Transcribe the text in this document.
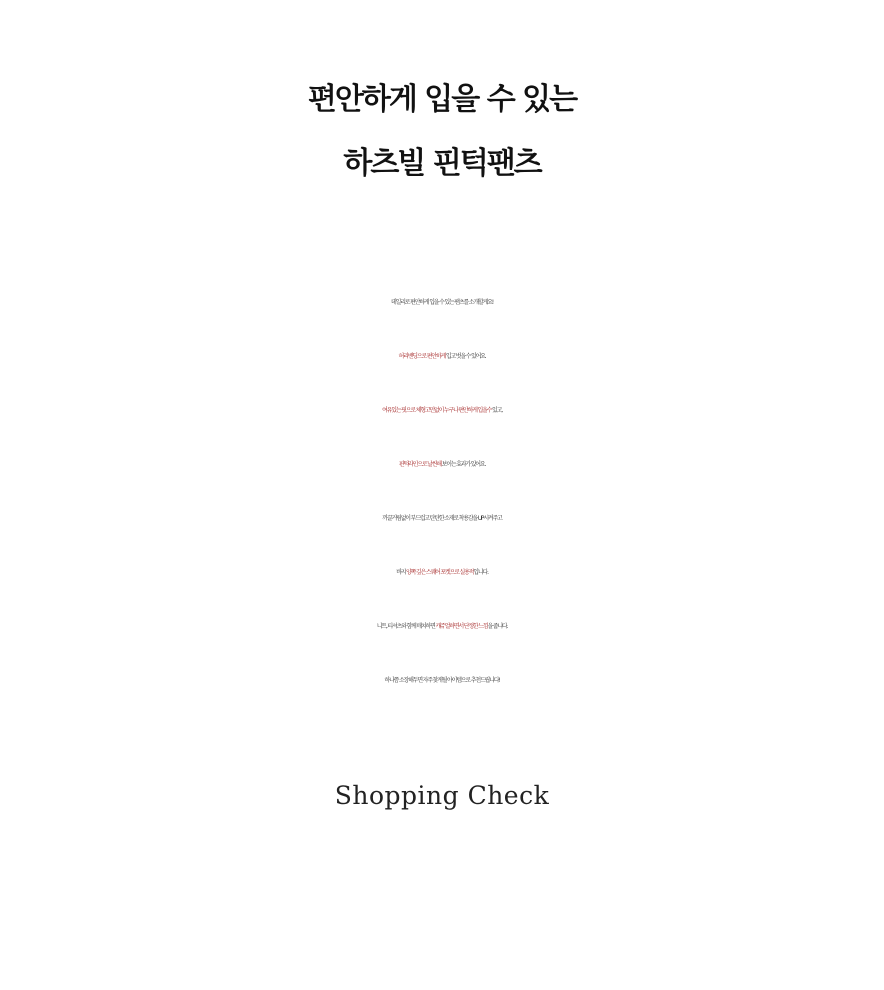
편안하게 입을 수 있는
하츠빌 핀턱팬츠
데일리로 편안하게 입을 수 있는 팬츠를 소개할게요!
허리밴딩으로 편안하게 입고 벗을 수 있어요.
여유있는 핏으로 체형고민없이 누구나 편안하게 입을수 있고,
핀턱라인으로 날씬해 보이는 효과가 있어요.
까끌거림없이 부드럽고 탄탄한 소재로 착용감을 UP시켜주고
바지 양쪽 깊은 스퀘어 포켓으로 실용적입니다.
니트, 티셔츠와 함께 매치하면 캐쥬얼하면서 단정한 느낌을 줍니다.
하나쯤 소장해두면 자주 찾게될 아이템으로 추천드립니다!
Shopping Check
